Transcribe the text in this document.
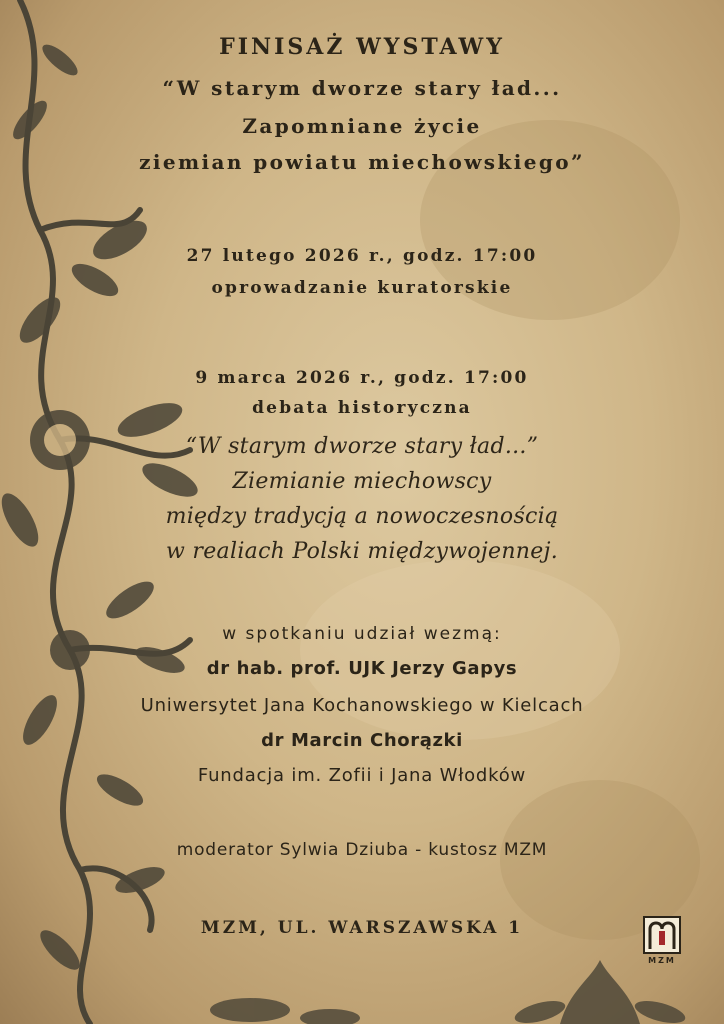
FINISAŻ WYSTAWY
“W starym dworze stary ład...
Zapomniane życie
ziemian powiatu miechowskiego”
27 lutego 2026 r., godz. 17:00
oprowadzanie kuratorskie
9 marca 2026 r., godz. 17:00
debata historyczna
“W starym dworze stary ład...”
Ziemianie miechowscy
między tradycją a nowoczesnością
w realiach Polski międzywojennej.
w spotkaniu udział wezmą:
dr hab. prof. UJK Jerzy Gapys
Uniwersytet Jana Kochanowskiego w Kielcach
dr Marcin Chorązki
Fundacja im. Zofii i Jana Włodków
moderator Sylwia Dziuba - kustosz MZM
MZM, UL. WARSZAWSKA 1
MZM
